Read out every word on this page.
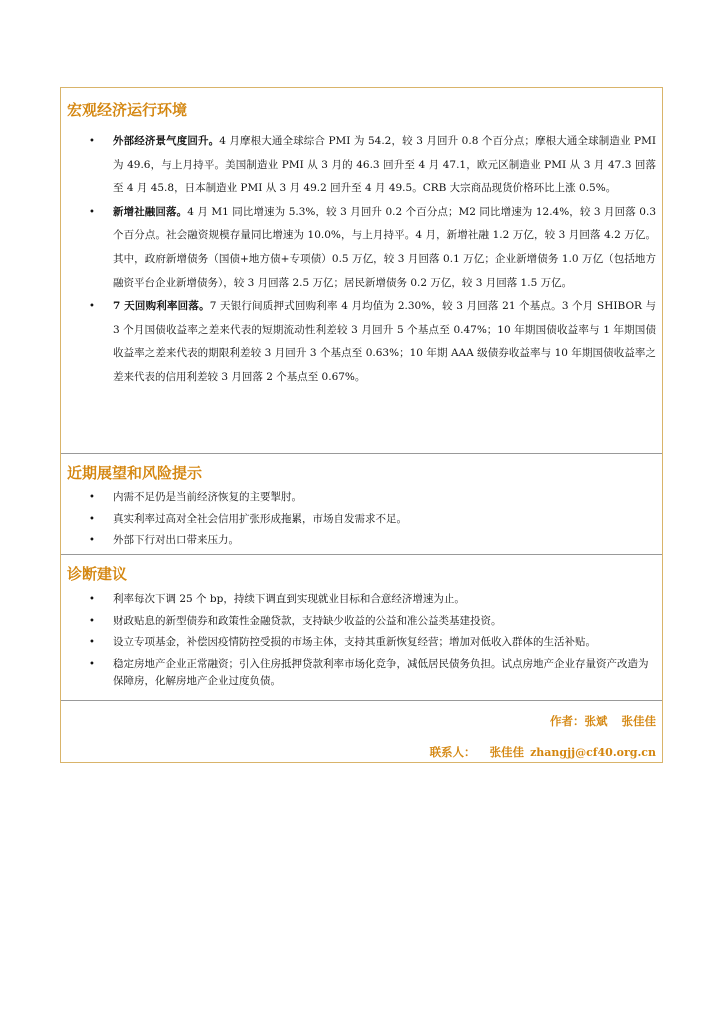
宏观经济运行环境
• 外部经济景气度回升。4 月摩根大通全球综合 PMI 为 54.2，较 3 月回升 0.8 个百分点；摩根大通全球制造业 PMI 为 49.6，与上月持平。美国制造业 PMI 从 3 月的 46.3 回升至 4 月 47.1，欧元区制造业 PMI 从 3 月 47.3 回落至 4 月 45.8，日本制造业 PMI 从 3 月 49.2 回升至 4 月 49.5。CRB 大宗商品现货价格环比上涨 0.5%。
• 新增社融回落。4 月 M1 同比增速为 5.3%，较 3 月回升 0.2 个百分点；M2 同比增速为 12.4%，较 3 月回落 0.3 个百分点。社会融资规模存量同比增速为 10.0%，与上月持平。4 月，新增社融 1.2 万亿，较 3 月回落 4.2 万亿。其中，政府新增债务（国债+地方债+专项债）0.5 万亿，较 3 月回落 0.1 万亿；企业新增债务 1.0 万亿（包括地方融资平台企业新增债务），较 3 月回落 2.5 万亿；居民新增债务 0.2 万亿，较 3 月回落 1.5 万亿。
• 7 天回购利率回落。7 天银行间质押式回购利率 4 月均值为 2.30%，较 3 月回落 21 个基点。3 个月 SHIBOR 与 3 个月国债收益率之差来代表的短期流动性利差较 3 月回升 5 个基点至 0.47%；10 年期国债收益率与 1 年期国债收益率之差来代表的期限利差较 3 月回升 3 个基点至 0.63%；10 年期 AAA 级债券收益率与 10 年期国债收益率之差来代表的信用利差较 3 月回落 2 个基点至 0.67%。
近期展望和风险提示
• 内需不足仍是当前经济恢复的主要掣肘。
• 真实利率过高对全社会信用扩张形成拖累，市场自发需求不足。
• 外部下行对出口带来压力。
诊断建议
• 利率每次下调 25 个 bp，持续下调直到实现就业目标和合意经济增速为止。
• 财政贴息的新型债券和政策性金融贷款，支持缺少收益的公益和准公益类基建投资。
• 设立专项基金，补偿因疫情防控受损的市场主体，支持其重新恢复经营；增加对低收入群体的生活补贴。
• 稳定房地产企业正常融资；引入住房抵押贷款利率市场化竞争，减低居民债务负担。试点房地产企业存量资产改造为保障房，化解房地产企业过度负债。
作者：张斌 张佳佳
联系人： 张佳佳 zhangjj@cf40.org.cn
